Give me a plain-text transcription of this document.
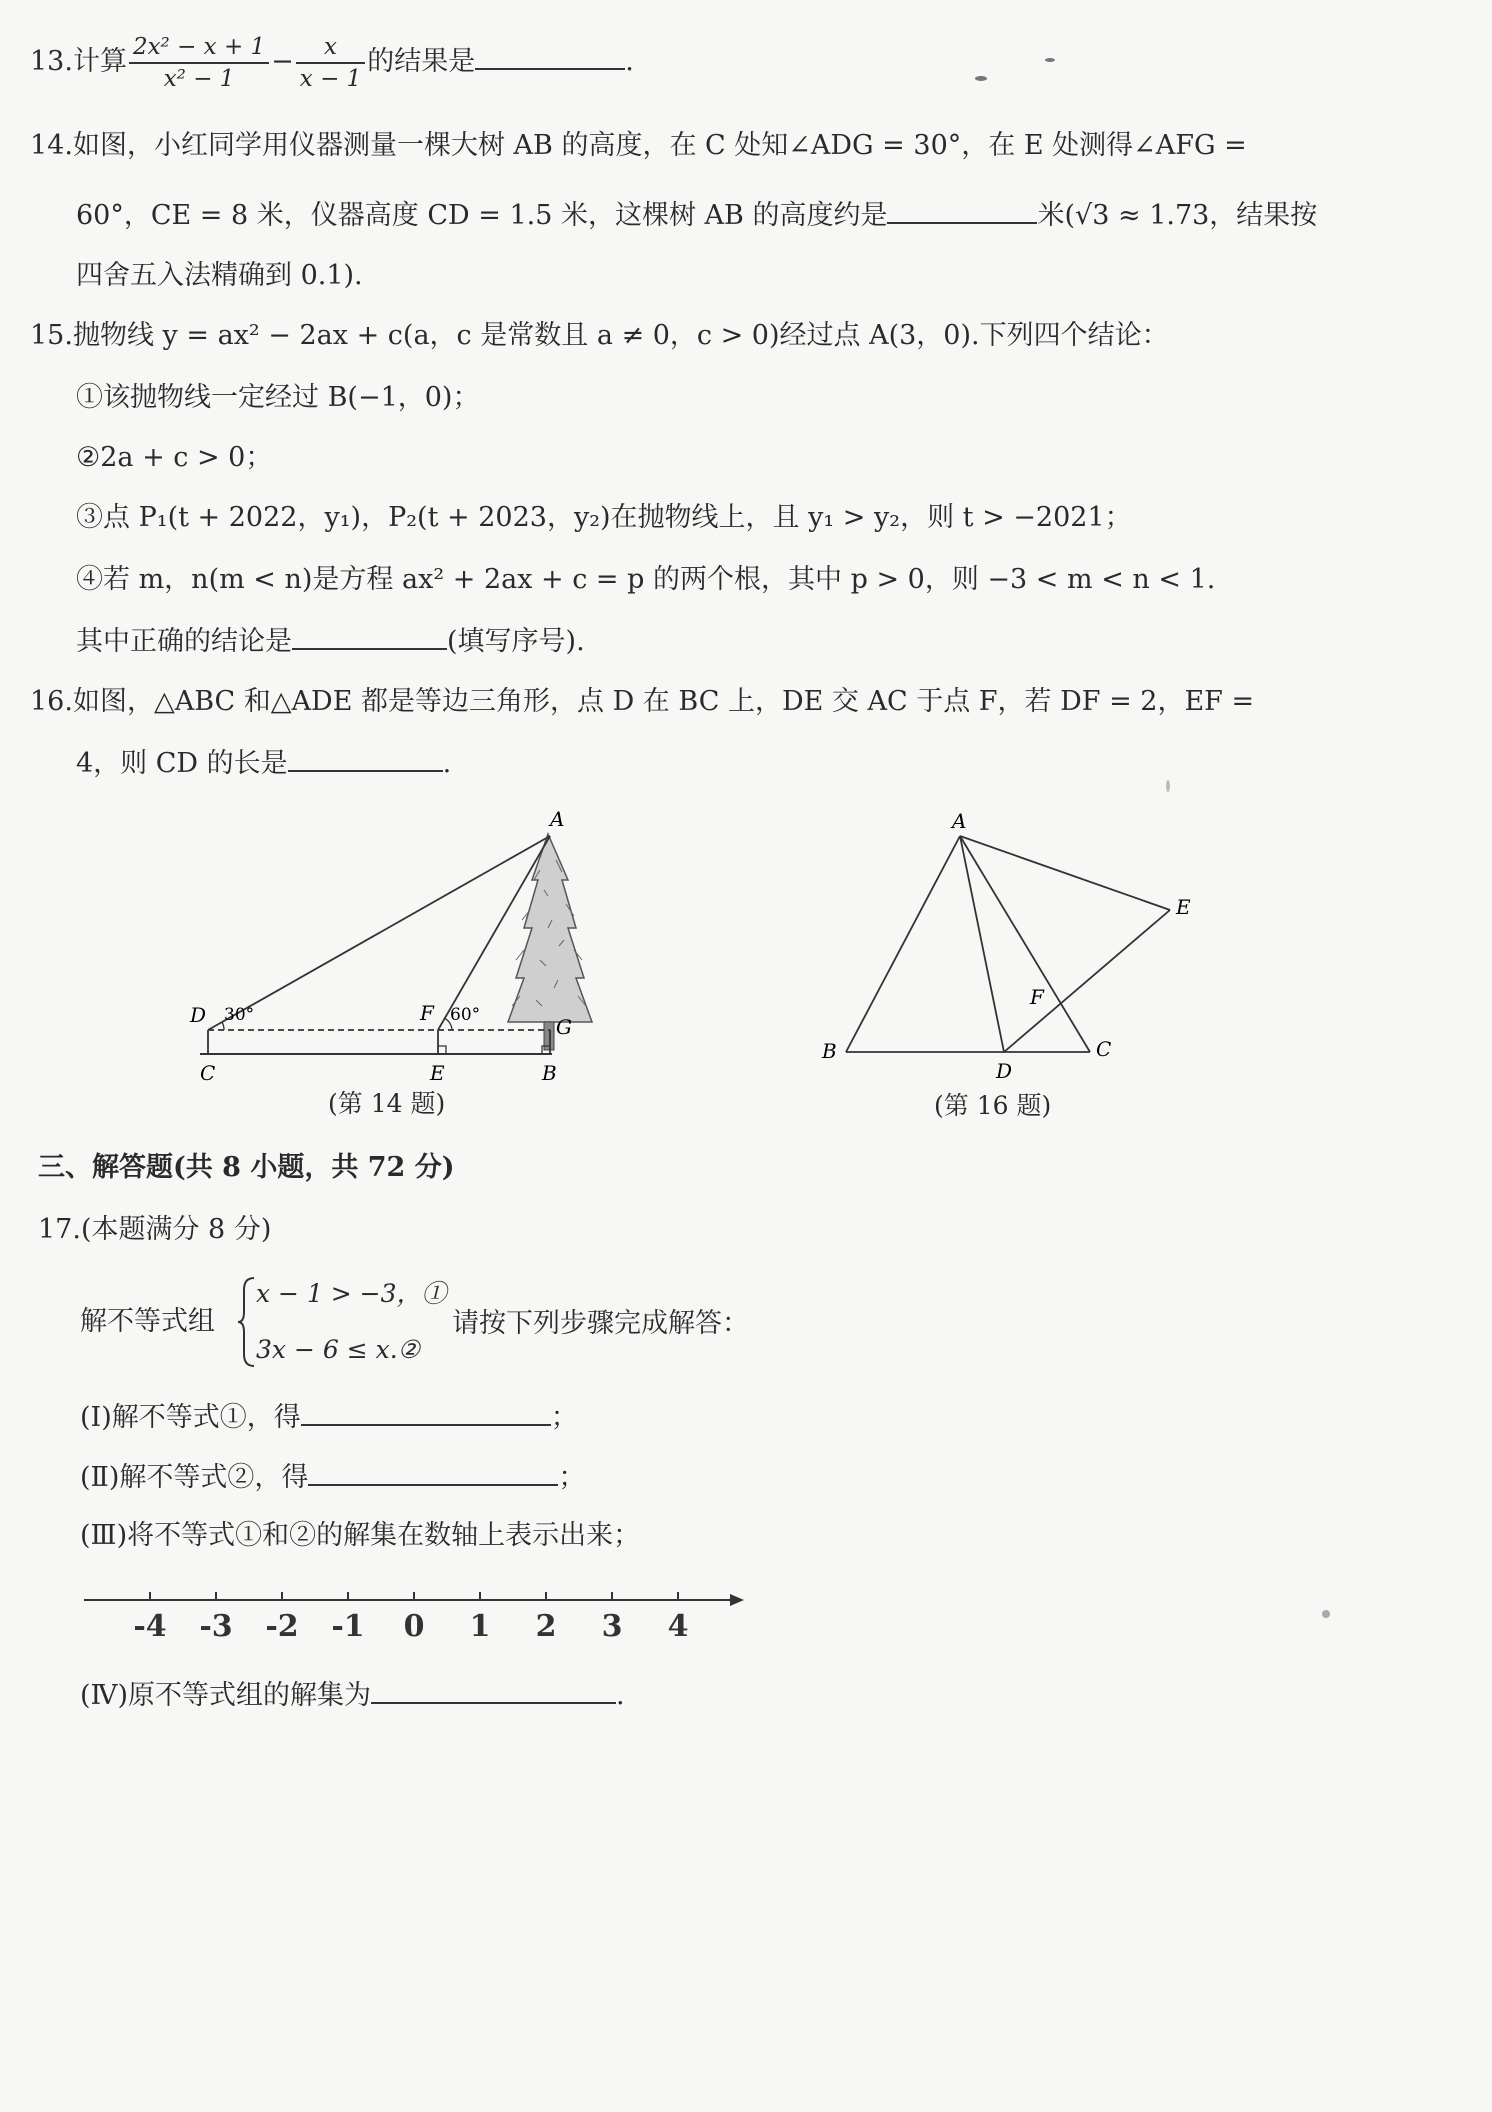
13.计算 $\frac{\text{2x² − x + 1}}{\text{x² − 1}} - \frac{x}{x - 1}$ 的结果是	.
14.如图，小红同学用仪器测量一棵大树 AB 的高度，在 C 处知∠ADG = 30°，在 E 处测得∠AFG =
60°，CE = 8 米，仪器高度 CD = 1.5 米，这棵树 AB 的高度约是	米(√3 ≈ 1.73，结果按
四舍五入法精确到 0.1).
15.抛物线 y = ax² − 2ax + c(a，c 是常数且 a ≠ 0，c > 0)经过点 A(3，0).下列四个结论：
①该抛物线一定经过 B(−1，0)；
②2a + c > 0；
③点 P₁(t + 2022，y₁)，P₂(t + 2023，y₂)在抛物线上，且 y₁ > y₂，则 t > −2021；
④若 m，n(m < n)是方程 ax² + 2ax + c = p 的两个根，其中 p > 0，则 −3 < m < n < 1.
其中正确的结论是	(填写序号).
16.如图，△ABC 和△ADE 都是等边三角形，点 D 在 BC 上，DE 交 AC 于点 F，若 DF = 2，EF =
4，则 CD 的长是	.
A
D 30°	F 60°	G
C	E	B
(第 14 题)
A
E
F
B
D
C
(第 16 题)
三、解答题(共 8 小题，共 72 分)
17.(本题满分 8 分)
解不等式组
x − 1 > −3，①
3x − 6 ≤ x.②
请按下列步骤完成解答：
(Ⅰ)解不等式①，得	；
(Ⅱ)解不等式②，得	；
(Ⅲ)将不等式①和②的解集在数轴上表示出来；
-4 -3 -2 -1 0 1 2 3 4
(Ⅳ)原不等式组的解集为	.
